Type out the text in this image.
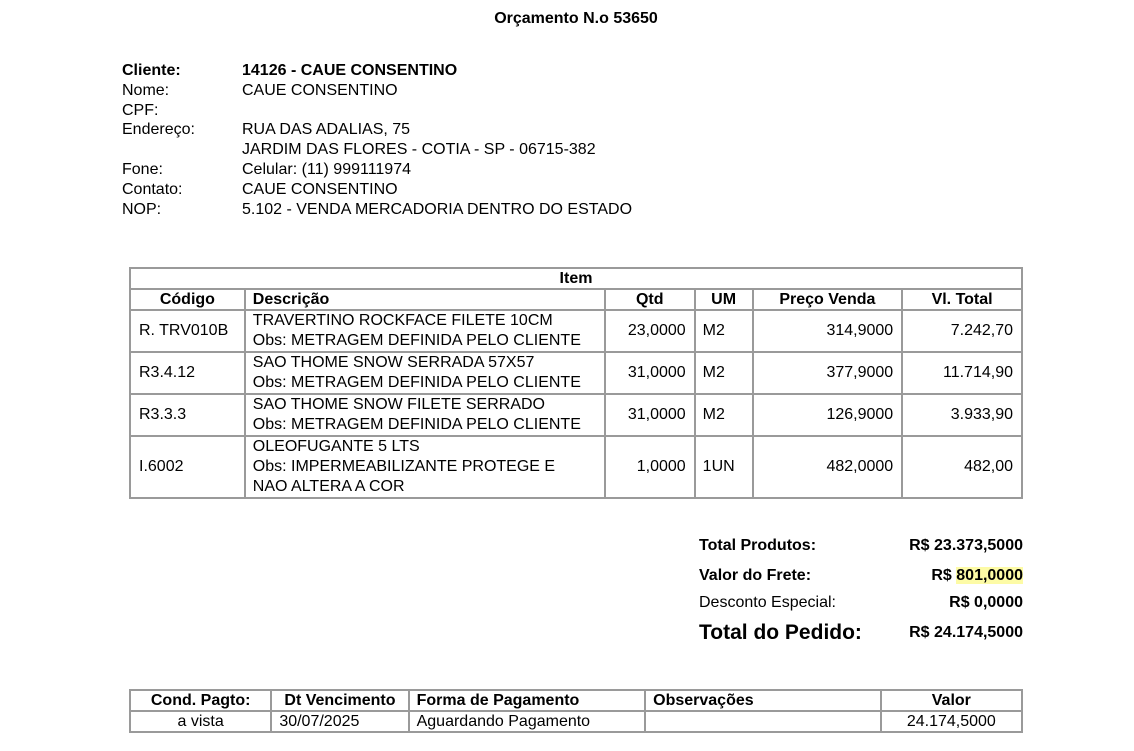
Orçamento N.o 53650
Cliente:	14126 - CAUE CONSENTINO
Nome:	CAUE CONSENTINO
CPF:
Endereço:	RUA DAS ADALIAS, 75
JARDIM DAS FLORES - COTIA - SP - 06715-382
Fone:	Celular: (11) 999111974
Contato:	CAUE CONSENTINO
NOP:	5.102 - VENDA MERCADORIA DENTRO DO ESTADO
Item					
Código	Descrição	Qtd	UM	Preço Venda	Vl. Total
R. TRV010B	TRAVERTINO ROCKFACE FILETE 10CM
Obs: METRAGEM DEFINIDA PELO CLIENTE	23,0000	M2	314,9000	7.242,70
R3.4.12	SAO THOME SNOW SERRADA 57X57
Obs: METRAGEM DEFINIDA PELO CLIENTE	31,0000	M2	377,9000	11.714,90
R3.3.3	SAO THOME SNOW FILETE SERRADO
Obs: METRAGEM DEFINIDA PELO CLIENTE	31,0000	M2	126,9000	3.933,90
I.6002	OLEOFUGANTE 5 LTS
Obs: IMPERMEABILIZANTE PROTEGE E
NAO ALTERA A COR	1,0000	1UN	482,0000	482,00
Total Produtos:	R$ 23.373,5000
Valor do Frete:	R$ 801,0000
Desconto Especial:	R$ 0,0000
Total do Pedido:	R$ 24.174,5000
Cond. Pagto:	Dt Vencimento	Forma de Pagamento	Observações	Valor
a vista	30/07/2025	Aguardando Pagamento		24.174,5000
